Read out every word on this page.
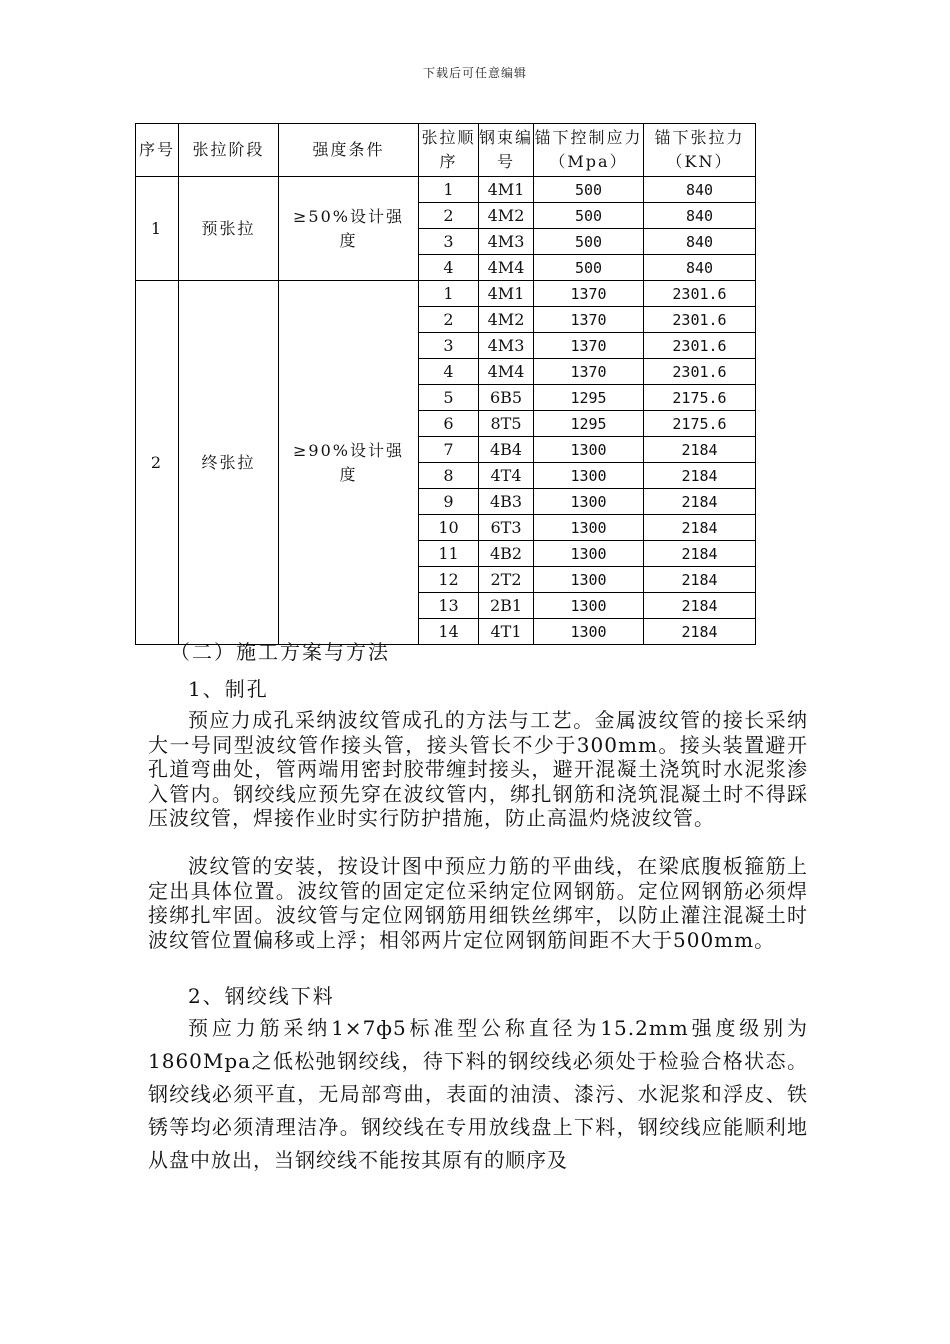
下载后可任意编辑
序号	张拉阶段	强度条件	张拉顺序	钢束编号	锚下控制应力（Mpa）	锚下张拉力（KN）
1	预张拉	≥50%设计强度	1	4M1	500	840
			2	4M2	500	840
			3	4M3	500	840
			4	4M4	500	840
2	终张拉	≥90%设计强度	1	4M1	1370	2301.6
			2	4M2	1370	2301.6
			3	4M3	1370	2301.6
			4	4M4	1370	2301.6
			5	6B5	1295	2175.6
			6	8T5	1295	2175.6
			7	4B4	1300	2184
			8	4T4	1300	2184
			9	4B3	1300	2184
			10	6T3	1300	2184
			11	4B2	1300	2184
			12	2T2	1300	2184
			13	2B1	1300	2184
			14	4T1	1300	2184
（二）施工方案与方法
1、制孔
预应力成孔采纳波纹管成孔的方法与工艺。金属波纹管的接长采纳大一号同型波纹管作接头管，接头管长不少于300mm。接头装置避开孔道弯曲处，管两端用密封胶带缠封接头，避开混凝土浇筑时水泥浆渗入管内。钢绞线应预先穿在波纹管内，绑扎钢筋和浇筑混凝土时不得踩压波纹管，焊接作业时实行防护措施，防止高温灼烧波纹管。
波纹管的安装，按设计图中预应力筋的平曲线，在梁底腹板箍筋上定出具体位置。波纹管的固定定位采纳定位网钢筋。定位网钢筋必须焊接绑扎牢固。波纹管与定位网钢筋用细铁丝绑牢，以防止灌注混凝土时波纹管位置偏移或上浮；相邻两片定位网钢筋间距不大于500mm。
2、钢绞线下料
预应力筋采纳1×7ф5标准型公称直径为15.2mm强度级别为1860Mpa之低松弛钢绞线，待下料的钢绞线必须处于检验合格状态。钢绞线必须平直，无局部弯曲，表面的油渍、漆污、水泥浆和浮皮、铁锈等均必须清理洁净。钢绞线在专用放线盘上下料，钢绞线应能顺利地从盘中放出，当钢绞线不能按其原有的顺序及
